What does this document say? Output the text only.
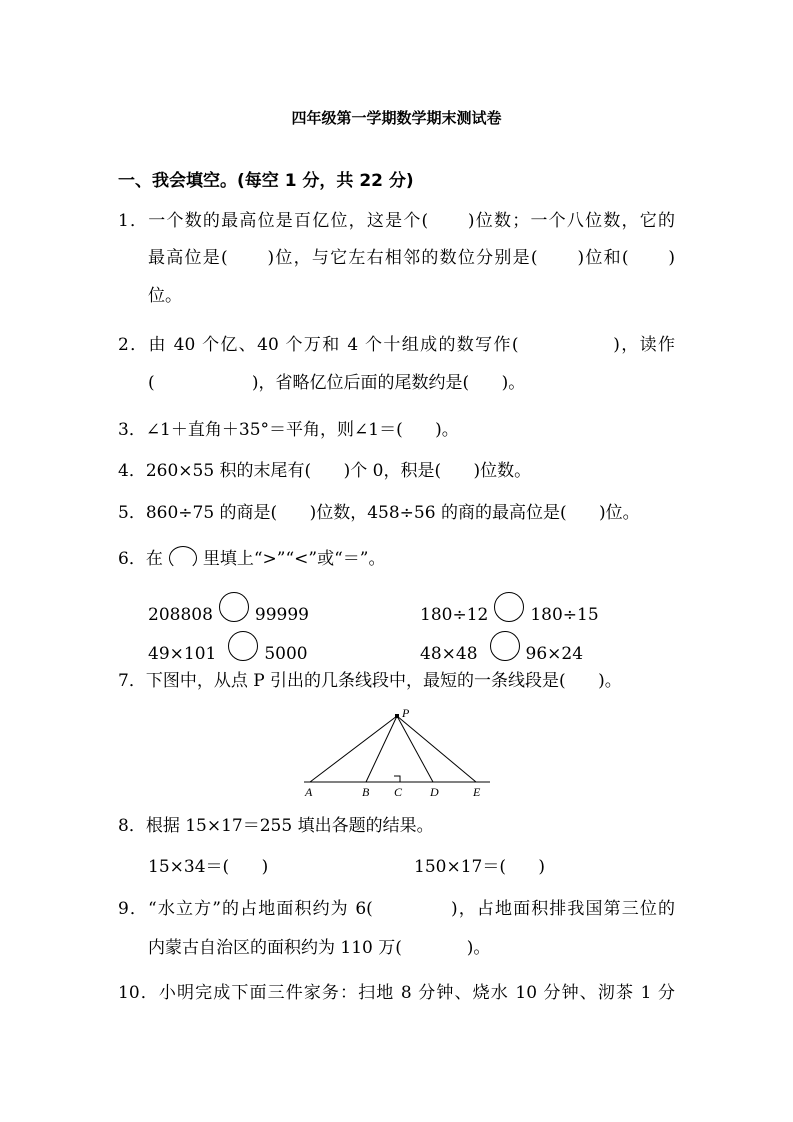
四年级第一学期数学期末测试卷
一、我会填空。(每空 1 分，共 22 分)
1．一个数的最高位是百亿位，这是个(      )位数；一个八位数，它的
最高位是(      )位，与它左右相邻的数位分别是(      )位和(      )
位。
2．由 40 个亿、40 个万和 4 个十组成的数写作(              )，读作
(                  )，省略亿位后面的尾数约是(      )。
3．∠1＋直角＋35°＝平角，则∠1＝(      )。
4．260×55 积的末尾有(      )个 0，积是(      )位数。
5．860÷75 的商是(      )位数，458÷56 的商的最高位是(      )位。
6．在 里填上“>”“<”或“＝”。
208808 99999	180÷12 180÷15
49×101	5000	48×48	96×24
7．下图中，从点 P 引出的几条线段中，最短的一条线段是(      )。
P
A	B C D	E
8．根据 15×17＝255 填出各题的结果。
15×34＝(      )	150×17＝(      )
9．“水立方”的占地面积约为 6(            )，占地面积排我国第三位的
内蒙古自治区的面积约为 110 万(            )。
10．小明完成下面三件家务：扫地 8 分钟、烧水 10 分钟、沏茶 1 分
